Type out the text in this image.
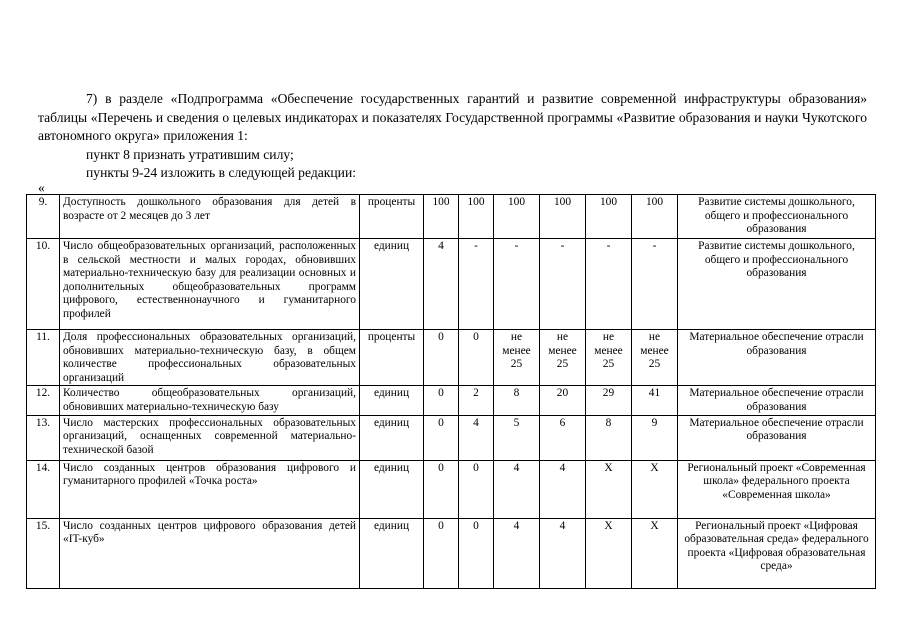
7) в разделе «Подпрограмма «Обеспечение государственных гарантий и развитие современной инфраструктуры образования» таблицы «Перечень и сведения о целевых индикаторах и показателях Государственной программы «Развитие образования и науки Чукотского автономного округа» приложения 1:

пункт 8 признать утратившим силу;

пункты 9-24 изложить в следующей редакции:

«
9.	Доступность дошкольного образования для детей в возрасте от 2 месяцев до 3 лет	проценты	100	100	100	100	100	100	Развитие системы дошкольного, общего и профессионального образования
10.	Число общеобразовательных организаций, расположенных в сельской местности и малых городах, обновивших материально-техническую базу для реализации основных и дополнительных общеобразовательных программ цифрового, естественнонаучного и гуманитарного профилей	единиц	4	-	-	-	-	-	Развитие системы дошкольного, общего и профессионального образования
11.	Доля профессиональных образовательных организаций, обновивших материально-техническую базу, в общем количестве профессиональных образовательных организаций	проценты	0	0	не менее 25	не менее 25	не менее 25	не менее 25	Материальное обеспечение отрасли образования
12.	Количество общеобразовательных организаций, обновивших материально-техническую базу	единиц	0	2	8	20	29	41	Материальное обеспечение отрасли образования
13.	Число мастерских профессиональных образовательных организаций, оснащенных современной материально-технической базой	единиц	0	4	5	6	8	9	Материальное обеспечение отрасли образования
14.	Число созданных центров образования цифрового и гуманитарного профилей «Точка роста»	единиц	0	0	4	4	Х	Х	Региональный проект «Современная школа» федерального проекта «Современная школа»
15.	Число созданных центров цифрового образования детей «IT-куб»	единиц	0	0	4	4	Х	Х	Региональный проект «Цифровая образовательная среда» федерального проекта «Цифровая образовательная среда»
